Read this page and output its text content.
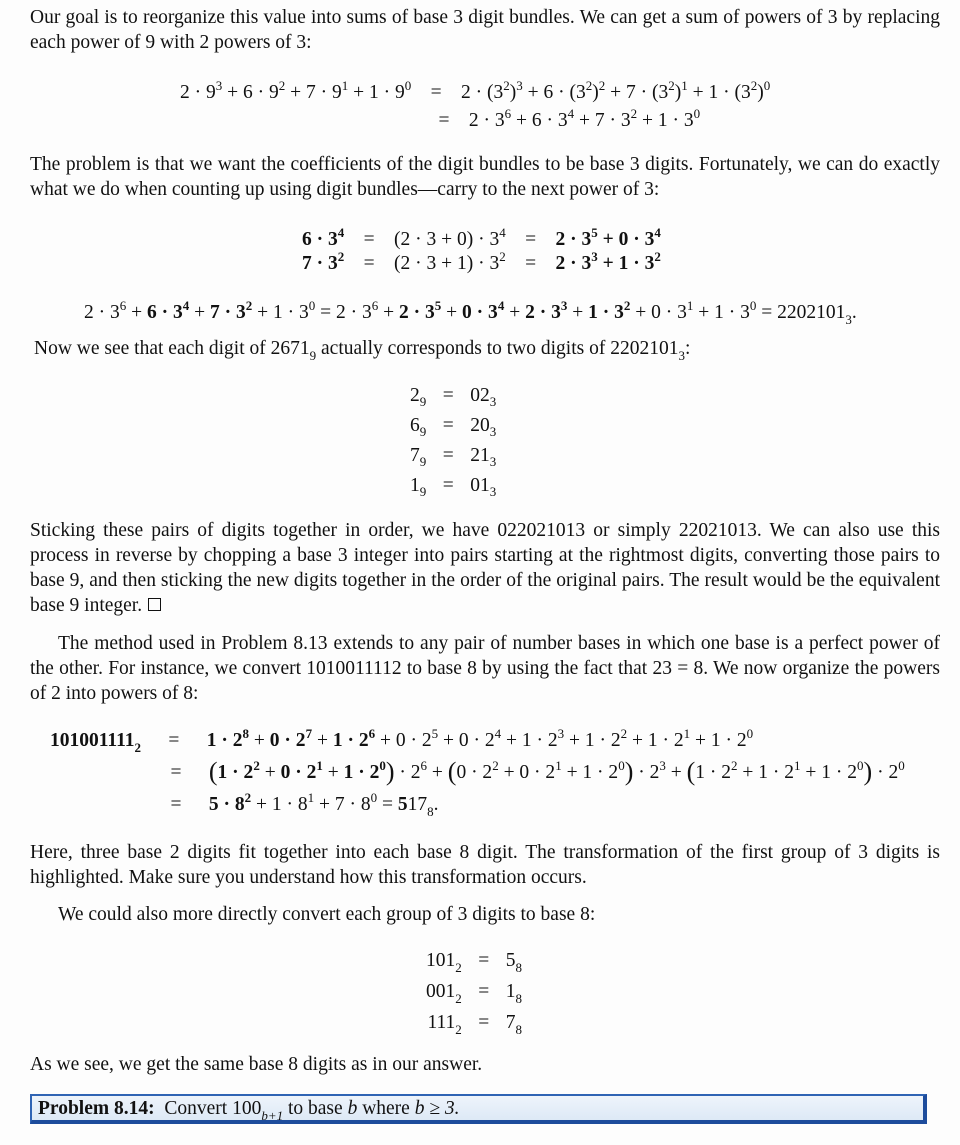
Our goal is to reorganize this value into sums of base 3 digit bundles. We can get a sum of powers of 3 by replacing each power of 9 with 2 powers of 3:
$2 \cdot 9^3 + 6 \cdot 9^2 + 7 \cdot 9^1 + 1 \cdot 9^0 = 2 \cdot (3^2)^3 + 6 \cdot (3^2)^2 + 7 \cdot (3^2)^1 + 1 \cdot (3^2)^0$
= $2 \cdot 3^6 + 6 \cdot 3^4 + 7 \cdot 3^2 + 1 \cdot 3^0$
The problem is that we want the coefficients of the digit bundles to be base 3 digits. Fortunately, we can do exactly what we do when counting up using digit bundles—carry to the next power of 3:
$6 \cdot 3^4 = (2 \cdot 3 + 0) \cdot 3^4 = 2 \cdot 3^5 + 0 \cdot 3^4$
$7 \cdot 3^2 = (2 \cdot 3 + 1) \cdot 3^2 = 2 \cdot 3^3 + 1 \cdot 3^2$
$2 \cdot 3^6 + 6 \cdot 3^4 + 7 \cdot 3^2 + 1 \cdot 3^0 = 2 \cdot 3^6 + 2 \cdot 3^5 + 0 \cdot 3^4 + 2 \cdot 3^3 + 1 \cdot 3^2 + 0 \cdot 3^1 + 1 \cdot 3^0 = 2202101_3$.
Now we see that each digit of $2671_9$ actually corresponds to two digits of $2202101_3$:
$2_9$	=	$02_3$
$6_9$	=	$20_3$
$7_9$	=	$21_3$
$1_9$	=	$01_3$
Sticking these pairs of digits together in order, we have 022021013 or simply 22021013. We can also use this process in reverse by chopping a base 3 integer into pairs starting at the rightmost digits, converting those pairs to base 9, and then sticking the new digits together in the order of the original pairs. The result would be the equivalent base 9 integer.
The method used in Problem 8.13 extends to any pair of number bases in which one base is a perfect power of the other. For instance, we convert 1010011112 to base 8 by using the fact that 23 = 8. We now organize the powers of 2 into powers of 8:
$101001111_2 = 1 \cdot 2^8 + 0 \cdot 2^7 + 1 \cdot 2^6 + 0 \cdot 2^5 + 0 \cdot 2^4 + 1 \cdot 2^3 + 1 \cdot 2^2 + 1 \cdot 2^1 + 1 \cdot 2^0$
= $(1 \cdot 2^2 + 0 \cdot 2^1 + 1 \cdot 2^0) \cdot 2^6 + (0 \cdot 2^2 + 0 \cdot 2^1 + 1 \cdot 2^0) \cdot 2^3 + (1 \cdot 2^2 + 1 \cdot 2^1 + 1 \cdot 2^0) \cdot 2^0$
= $5 \cdot 8^2 + 1 \cdot 8^1 + 7 \cdot 8^0 = 517_8$.
Here, three base 2 digits fit together into each base 8 digit. The transformation of the first group of 3 digits is highlighted. Make sure you understand how this transformation occurs.
We could also more directly convert each group of 3 digits to base 8:
$101_2$	=	$5_8$
$001_2$	=	$1_8$
$111_2$	=	$7_8$
As we see, we get the same base 8 digits as in our answer.
Problem 8.14: Convert $100_{b+1}$ to base b where b ≥ 3.
